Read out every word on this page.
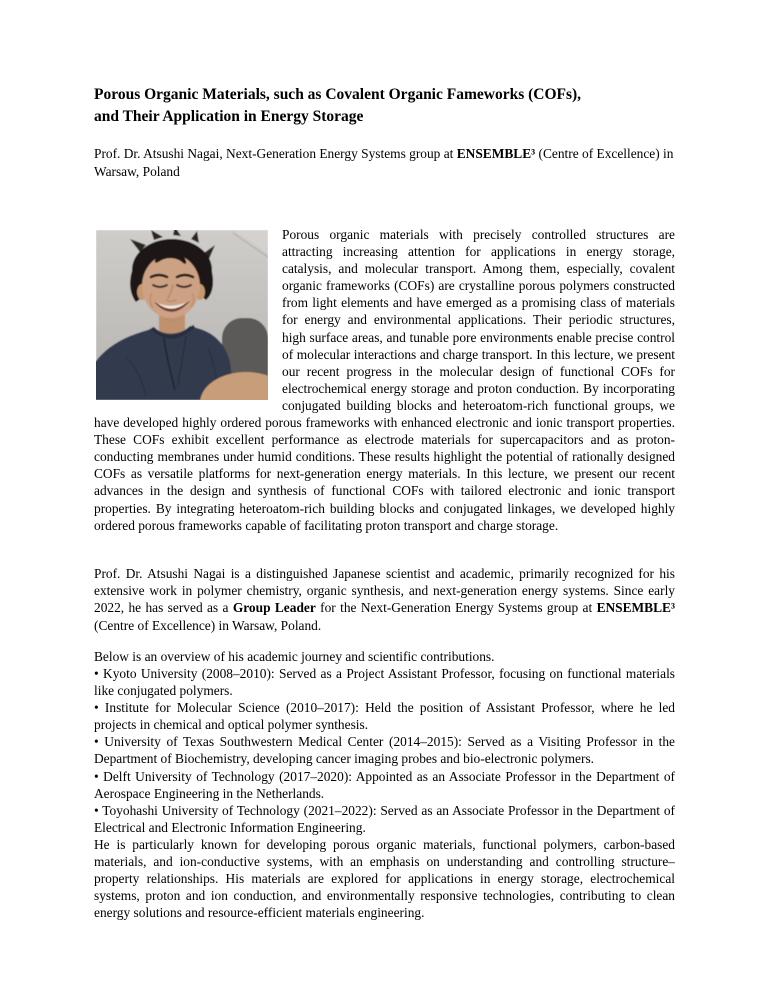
Porous Organic Materials, such as Covalent Organic Fameworks (COFs),
and Their Application in Energy Storage

Prof. Dr. Atsushi Nagai, Next-Generation Energy Systems group at ENSEMBLE³ (Centre of Excellence) in Warsaw, Poland

Porous organic materials with precisely controlled structures are attracting increasing attention for applications in energy storage, catalysis, and molecular transport. Among them, especially, covalent organic frameworks (COFs) are crystalline porous polymers constructed from light elements and have emerged as a promising class of materials for energy and environmental applications. Their periodic structures, high surface areas, and tunable pore environments enable precise control of molecular interactions and charge transport. In this lecture, we present our recent progress in the molecular design of functional COFs for electrochemical energy storage and proton conduction. By incorporating conjugated building blocks and heteroatom-rich functional groups, we have developed highly ordered porous frameworks with enhanced electronic and ionic transport properties. These COFs exhibit excellent performance as electrode materials for supercapacitors and as proton-conducting membranes under humid conditions. These results highlight the potential of rationally designed COFs as versatile platforms for next-generation energy materials. In this lecture, we present our recent advances in the design and synthesis of functional COFs with tailored electronic and ionic transport properties. By integrating heteroatom-rich building blocks and conjugated linkages, we developed highly ordered porous frameworks capable of facilitating proton transport and charge storage.
Prof. Dr. Atsushi Nagai is a distinguished Japanese scientist and academic, primarily recognized for his extensive work in polymer chemistry, organic synthesis, and next-generation energy systems. Since early 2022, he has served as a Group Leader for the Next-Generation Energy Systems group at ENSEMBLE³ (Centre of Excellence) in Warsaw, Poland.
Below is an overview of his academic journey and scientific contributions.
• Kyoto University (2008–2010): Served as a Project Assistant Professor, focusing on functional materials like conjugated polymers.
• Institute for Molecular Science (2010–2017): Held the position of Assistant Professor, where he led projects in chemical and optical polymer synthesis.
• University of Texas Southwestern Medical Center (2014–2015): Served as a Visiting Professor in the Department of Biochemistry, developing cancer imaging probes and bio-electronic polymers.
• Delft University of Technology (2017–2020): Appointed as an Associate Professor in the Department of Aerospace Engineering in the Netherlands.
• Toyohashi University of Technology (2021–2022): Served as an Associate Professor in the Department of Electrical and Electronic Information Engineering.
He is particularly known for developing porous organic materials, functional polymers, carbon-based materials, and ion-conductive systems, with an emphasis on understanding and controlling structure–property relationships. His materials are explored for applications in energy storage, electrochemical systems, proton and ion conduction, and environmentally responsive technologies, contributing to clean energy solutions and resource-efficient materials engineering.
